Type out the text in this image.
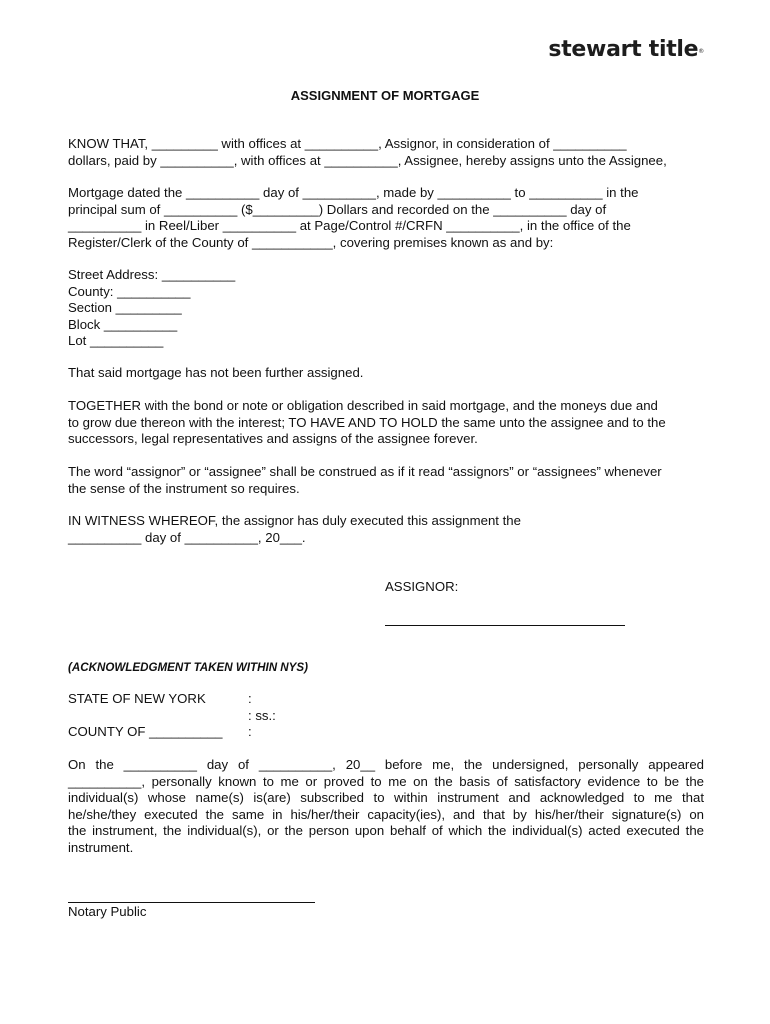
stewart title®
ASSIGNMENT OF MORTGAGE

KNOW THAT, _________ with offices at __________, Assignor, in consideration of __________

dollars, paid by __________, with offices at __________, Assignee, hereby assigns unto the Assignee,

Mortgage dated the __________ day of __________, made by __________ to __________ in the

principal sum of __________ ($_________) Dollars and recorded on the __________ day of

__________ in Reel/Liber __________ at Page/Control #/CRFN __________, in the office of the

Register/Clerk of the County of ___________, covering premises known as and by:

Street Address: __________

County: __________

Section _________

Block __________

Lot __________

That said mortgage has not been further assigned.

TOGETHER with the bond or note or obligation described in said mortgage, and the moneys due and

to grow due thereon with the interest; TO HAVE AND TO HOLD the same unto the assignee and to the

successors, legal representatives and assigns of the assignee forever.

The word “assignor” or “assignee” shall be construed as if it read “assignors” or “assignees” whenever

the sense of the instrument so requires.

IN WITNESS WHEREOF, the assignor has duly executed this assignment the

__________ day of __________, 20___.

ASSIGNOR:
(ACKNOWLEDGMENT TAKEN WITHIN NYS)
STATE OF NEW YORK	:
: ss.:
COUNTY OF __________ :

On the __________ day of __________, 20__ before me, the undersigned, personally appeared

__________, personally known to me or proved to me on the basis of satisfactory evidence to be the

individual(s) whose name(s) is(are) subscribed to within instrument and acknowledged to me that

he/she/they executed the same in his/her/their capacity(ies), and that by his/her/their signature(s) on

the instrument, the individual(s), or the person upon behalf of which the individual(s) acted executed the

instrument.

Notary Public
